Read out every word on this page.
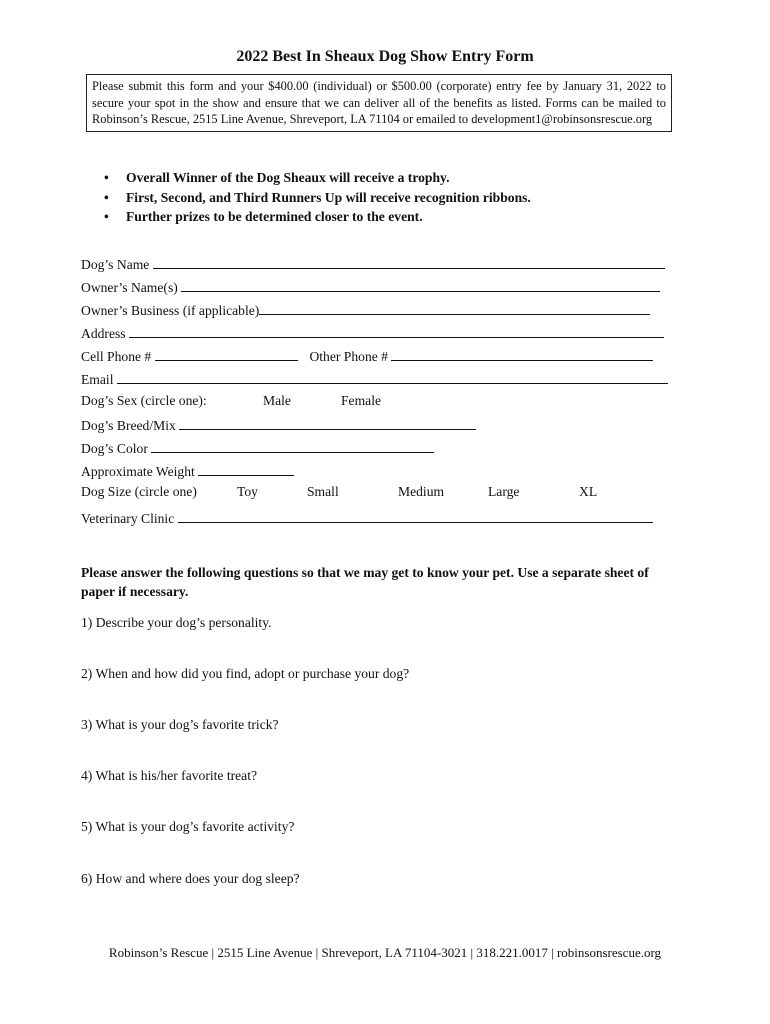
2022 Best In Sheaux Dog Show Entry Form
Please submit this form and your $400.00 (individual) or $500.00 (corporate) entry fee by January 31, 2022 to secure your spot in the show and ensure that we can deliver all of the benefits as listed. Forms can be mailed to Robinson’s Rescue, 2515 Line Avenue, Shreveport, LA 71104 or emailed to development1@robinsonsrescue.org
• Overall Winner of the Dog Sheaux will receive a trophy.
• First, Second, and Third Runners Up will receive recognition ribbons.
• Further prizes to be determined closer to the event.
Dog’s Name
Owner’s Name(s)
Owner’s Business (if applicable)
Address
Cell Phone #	Other Phone #
Email
Dog’s Sex (circle one):	Male	Female
Dog’s Breed/Mix
Dog’s Color
Approximate Weight
Dog Size (circle one)	Toy	Small	Medium	Large	XL
Veterinary Clinic
Please answer the following questions so that we may get to know your pet. Use a separate sheet of paper if necessary.
1) Describe your dog’s personality.
2) When and how did you find, adopt or purchase your dog?
3) What is your dog’s favorite trick?
4) What is his/her favorite treat?
5) What is your dog’s favorite activity?
6) How and where does your dog sleep?
Robinson’s Rescue | 2515 Line Avenue | Shreveport, LA 71104-3021 | 318.221.0017 | robinsonsrescue.org
